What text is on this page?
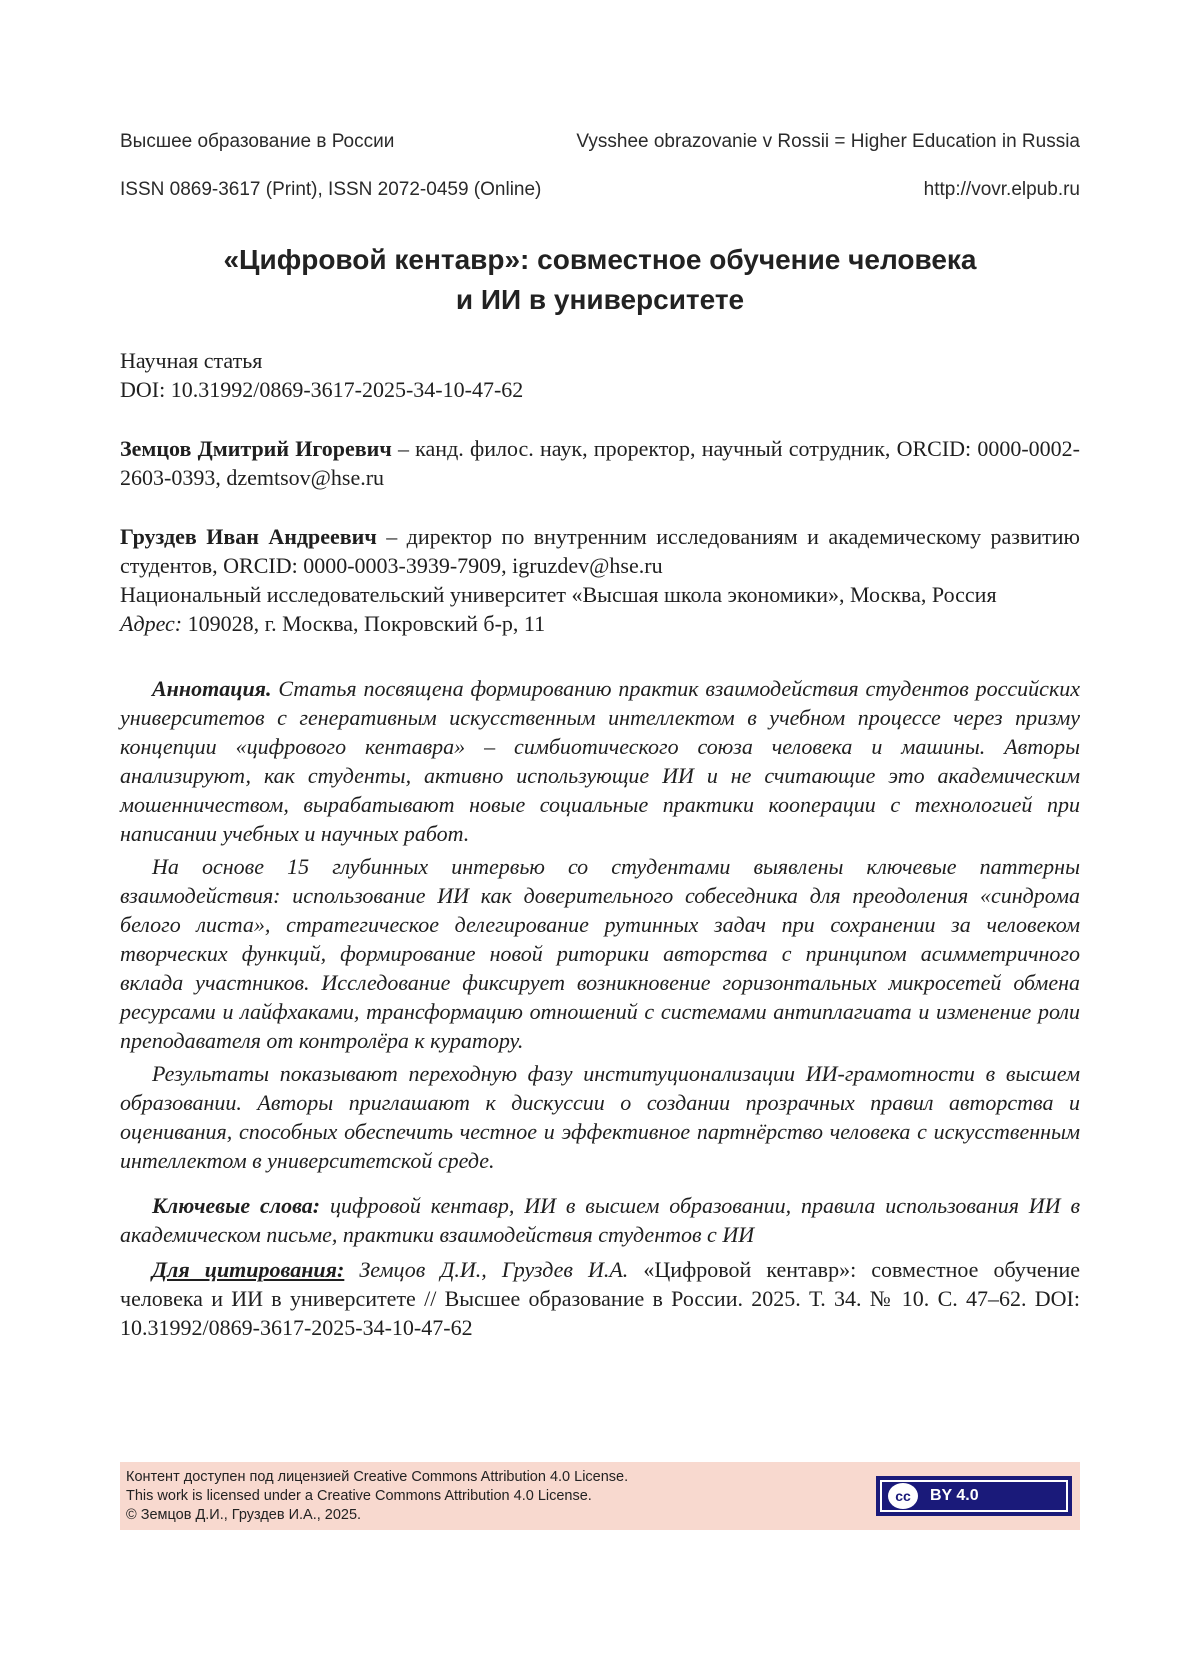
Высшее образование в России	Vysshee obrazovanie v Rossii = Higher Education in Russia
ISSN 0869-3617 (Print), ISSN 2072-0459 (Online)	http://vovr.elpub.ru
«Цифровой кентавр»: совместное обучение человека
и ИИ в университете

Научная статья

DOI: 10.31992/0869-3617-2025-34-10-47-62

Земцов Дмитрий Игоревич – канд. филос. наук, проректор, научный сотрудник, ORCID: 0000-0002-2603-0393, dzemtsov@hse.ru

Груздев Иван Андреевич – директор по внутренним исследованиям и академическому развитию студентов, ORCID: 0000-0003-3939-7909, igruzdev@hse.ru

Национальный исследовательский университет «Высшая школа экономики», Москва, Россия

Адрес: 109028, г. Москва, Покровский б-р, 11

Аннотация. Статья посвящена формированию практик взаимодействия студентов российских университетов с генеративным искусственным интеллектом в учебном процессе через призму концепции «цифрового кентавра» – симбиотического союза человека и машины. Авторы анализируют, как студенты, активно использующие ИИ и не считающие это академическим мошенничеством, вырабатывают новые социальные практики кооперации с технологией при написании учебных и научных работ.

На основе 15 глубинных интервью со студентами выявлены ключевые паттерны взаимодействия: использование ИИ как доверительного собеседника для преодоления «синдрома белого листа», стратегическое делегирование рутинных задач при сохранении за человеком творческих функций, формирование новой риторики авторства с принципом асимметричного вклада участников. Исследование фиксирует возникновение горизонтальных микросетей обмена ресурсами и лайфхаками, трансформацию отношений с системами антиплагиата и изменение роли преподавателя от контролёра к куратору.

Результаты показывают переходную фазу институционализации ИИ-грамотности в высшем образовании. Авторы приглашают к дискуссии о создании прозрачных правил авторства и оценивания, способных обеспечить честное и эффективное партнёрство человека с искусственным интеллектом в университетской среде.

Ключевые слова: цифровой кентавр, ИИ в высшем образовании, правила использования ИИ в академическом письме, практики взаимодействия студентов с ИИ

Для цитирования: Земцов Д.И., Груздев И.А. «Цифровой кентавр»: совместное обучение человека и ИИ в университете // Высшее образование в России. 2025. Т. 34. № 10. С. 47–62. DOI: 10.31992/0869-3617-2025-34-10-47-62

Контент доступен под лицензией Creative Commons Attribution 4.0 License.
This work is licensed under a Creative Commons Attribution 4.0 License.
© Земцов Д.И., Груздев И.А., 2025.
cc	BY 4.0
